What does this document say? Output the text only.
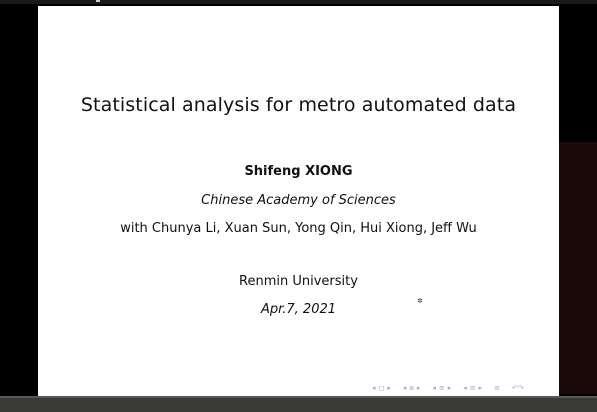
Statistical analysis for metro automated data
Shifeng XIONG
Chinese Academy of Sciences
with Chunya Li, Xuan Sun, Yong Qin, Hui Xiong, Jeff Wu
Renmin University
Apr.7, 2021
✲
◂ ◻ ▸ ◂ ⧈ ▸ ◂ ≡ ▸ ◂ ≡ ▸ ≡ ↶↷
